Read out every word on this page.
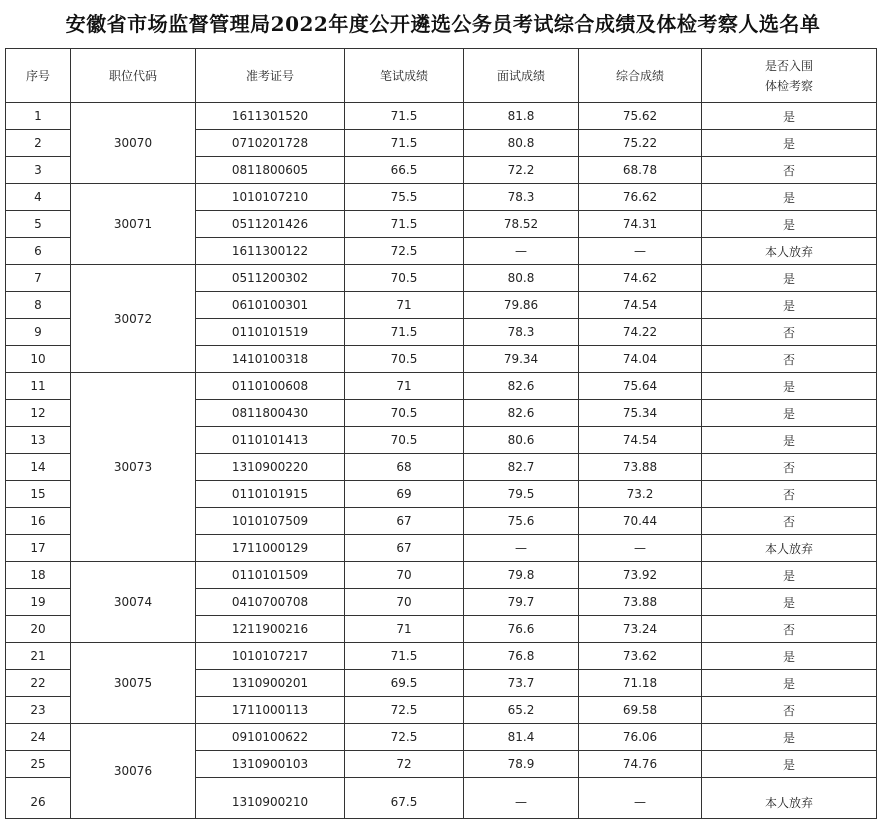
安徽省市场监督管理局2022年度公开遴选公务员考试综合成绩及体检考察人选名单
序号	职位代码	准考证号	笔试成绩	面试成绩	综合成绩	是否入围
体检考察
1	30070	1611301520	71.5	81.8	75.62	是
2		0710201728	71.5	80.8	75.22	是
3		0811800605	66.5	72.2	68.78	否
4	30071	1010107210	75.5	78.3	76.62	是
5		0511201426	71.5	78.52	74.31	是
6		1611300122	72.5	—	—	本人放弃
7	30072	0511200302	70.5	80.8	74.62	是
8		0610100301	71	79.86	74.54	是
9		0110101519	71.5	78.3	74.22	否
10		1410100318	70.5	79.34	74.04	否
11	30073	0110100608	71	82.6	75.64	是
12		0811800430	70.5	82.6	75.34	是
13		0110101413	70.5	80.6	74.54	是
14		1310900220	68	82.7	73.88	否
15		0110101915	69	79.5	73.2	否
16		1010107509	67	75.6	70.44	否
17		1711000129	67	—	—	本人放弃
18	30074	0110101509	70	79.8	73.92	是
19		0410700708	70	79.7	73.88	是
20		1211900216	71	76.6	73.24	否
21	30075	1010107217	71.5	76.8	73.62	是
22		1310900201	69.5	73.7	71.18	是
23		1711000113	72.5	65.2	69.58	否
24	30076	0910100622	72.5	81.4	76.06	是
25		1310900103	72	78.9	74.76	是
26		1310900210	67.5	—	—	本人放弃
